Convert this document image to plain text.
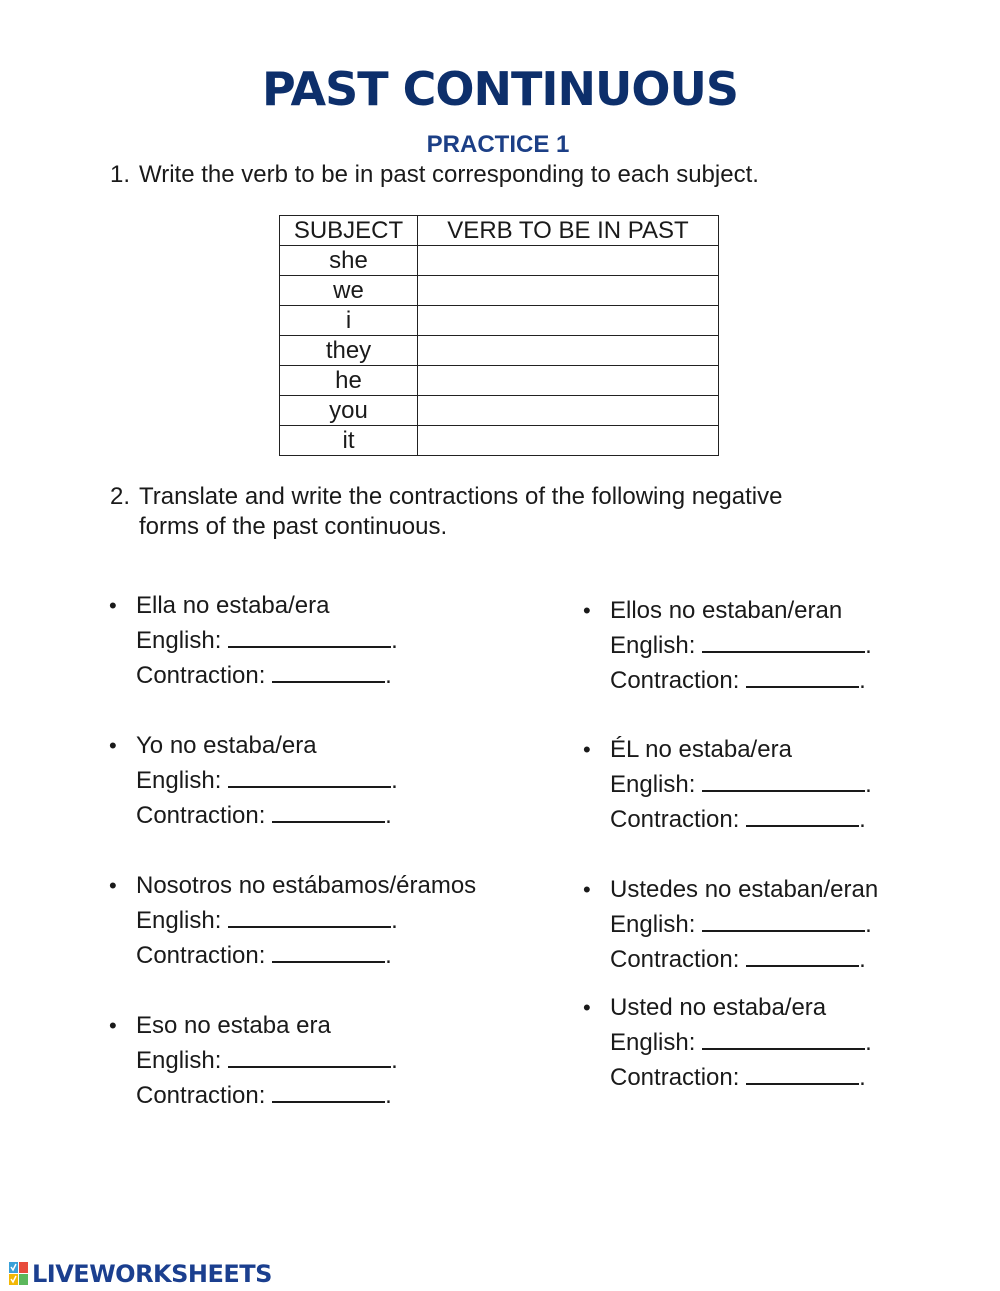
PAST CONTINUOUS
PRACTICE 1
1. Write the verb to be in past corresponding to each subject.
SUBJECT	VERB TO BE IN PAST
she	
we	
i	
they	
he	
you	
it	
2. Translate and write the contractions of the following negative
forms of the past continuous.
• Ella no estaba/era
English:	.
Contraction:	.
• Yo no estaba/era
English:	.
Contraction:	.
• Nosotros no estábamos/éramos
English:	.
Contraction:	.
• Eso no estaba era
English:	.
Contraction:	.
• Ellos no estaban/eran
English:	.
Contraction:	.
• ÉL no estaba/era
English:	.
Contraction:	.
• Ustedes no estaban/eran
English:	.
Contraction:	.
• Usted no estaba/era
English:	.
Contraction:	.
LIVEWORKSHEETS
